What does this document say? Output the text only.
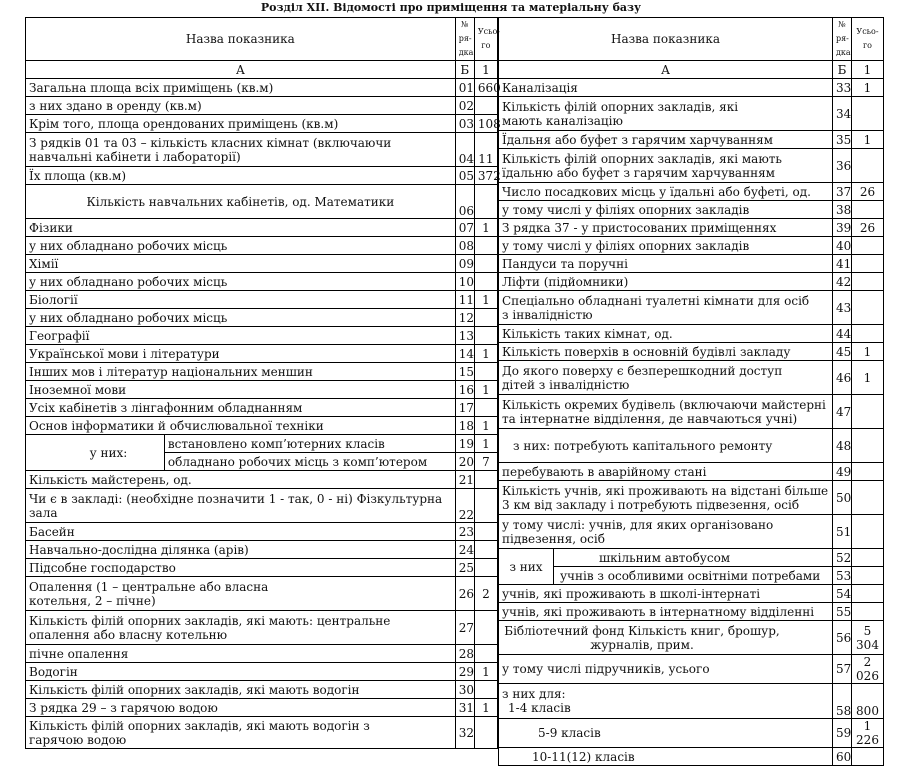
Розділ XII. Відомості про приміщення та матеріальну базу
Назва показника		№ ря-дка	Усьо-го
А		Б	1
Загальна площа всіх приміщень (кв.м)		01	660
з них здано в оренду (кв.м)		02	
Крім того, площа орендованих приміщень (кв.м)		03	108
З рядків 01 та 03 – кількість класних кімнат (включаючи навчальні кабінети і лабораторії)		04	11
Їх площа (кв.м)		05	372
Кількість навчальних кабінетів, од. Математики		06	
Фізики		07	1
у них обладнано робочих місць		08	
Хімії		09	
у них обладнано робочих місць		10	
Біології		11	1
у них обладнано робочих місць		12	
Географії		13	
Української мови і літератури		14	1
Інших мов і літератур національних меншин		15	
Іноземної мови		16	1
Усіх кабінетів з лінгафонним обладнанням		17	
Основ інформатики й обчислювальної техніки		18	1
у них:	встановлено комп’ютерних класів	19	1
	обладнано робочих місць з комп’ютером	20	7
Кількість майстерень, од.		21	
Чи є в закладі: (необхідне позначити 1 - так, 0 - ні) Фізкультурна зала		22	
Басейн		23	
Навчально-дослідна ділянка (арів)		24	
Підсобне господарство		25	
Опалення (1 – центральне або власна котельня, 2 – пічне)		26	2
Кількість філій опорних закладів, які мають: центральне опалення або власну котельню		27	
пічне опалення		28	
Водогін		29	1
Кількість філій опорних закладів, які мають водогін		30	
З рядка 29 – з гарячою водою		31	1
Кількість філій опорних закладів, які мають водогін з гарячою водою		32	
Назва показника		№ ря-дка	Усьо-го
А		Б	1
Каналізація		33	1
Кількість філій опорних закладів, які мають каналізацію		34	
Їдальня або буфет з гарячим харчуванням		35	1
Кількість філій опорних закладів, які мають їдальню або буфет з гарячим харчуванням		36	
Число посадкових місць у їдальні або буфеті, од.		37	26
у тому числі у філіях опорних закладів		38	
З рядка 37 - у пристосованих приміщеннях		39	26
у тому числі у філіях опорних закладів		40	
Пандуси та поручні		41	
Ліфти (підйомники)		42	
Спеціально обладнані туалетні кімнати для осіб з інвалідністю		43	
Кількість таких кімнат, од.		44	
Кількість поверхів в основній будівлі закладу		45	1
До якого поверху є безперешкодний доступ дітей з інвалідністю		46	1
Кількість окремих будівель (включаючи майстерні та інтернатне відділення, де навчаються учні)		47	
з них: потребують капітального ремонту		48	
перебувають в аварійному стані		49	
Кількість учнів, які проживають на відстані більше 3 км від закладу і потребують підвезення, осіб		50	
у тому числі: учнів, для яких організовано підвезення, осіб		51	
з них	шкільним автобусом	52	
	учнів з особливими освітніми потребами	53	
учнів, які проживають в школі-інтернаті		54	
учнів, які проживають в інтернатному відділенні		55	
Бібліотечний фонд Кількість книг, брошур, журналів, прим.		56	5 304
у тому числі підручників, усього		57	2 026

з них для:
1-4 класів		58	800
5-9 класів		59	1 226
10-11(12) класів		60	
